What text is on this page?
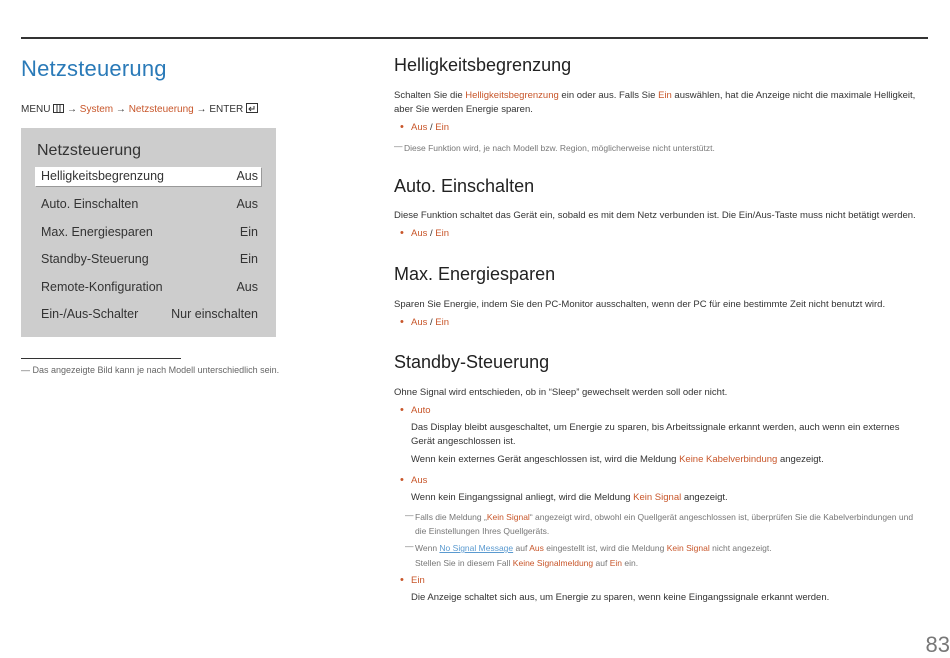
Netzsteuerung
MENU → System → Netzsteuerung → ENTER
Netzsteuerung
Helligkeitsbegrenzung	Aus
Auto. Einschalten	Aus
Max. Energiesparen	Ein
Standby-Steuerung	Ein
Remote-Konfiguration	Aus
Ein-/Aus-Schalter	Nur einschalten
― Das angezeigte Bild kann je nach Modell unterschiedlich sein.
Helligkeitsbegrenzung
Schalten Sie die Helligkeitsbegrenzung ein oder aus. Falls Sie Ein auswählen, hat die Anzeige nicht die maximale Helligkeit, aber Sie werden Energie sparen.
• Aus / Ein
― Diese Funktion wird, je nach Modell bzw. Region, möglicherweise nicht unterstützt.
Auto. Einschalten
Diese Funktion schaltet das Gerät ein, sobald es mit dem Netz verbunden ist. Die Ein/Aus-Taste muss nicht betätigt werden.
• Aus / Ein
Max. Energiesparen
Sparen Sie Energie, indem Sie den PC-Monitor ausschalten, wenn der PC für eine bestimmte Zeit nicht benutzt wird.
• Aus / Ein
Standby-Steuerung
Ohne Signal wird entschieden, ob in “Sleep” gewechselt werden soll oder nicht.
• Auto
Das Display bleibt ausgeschaltet, um Energie zu sparen, bis Arbeitssignale erkannt werden, auch wenn ein externes Gerät angeschlossen ist.
Wenn kein externes Gerät angeschlossen ist, wird die Meldung Keine Kabelverbindung angezeigt.
• Aus
Wenn kein Eingangssignal anliegt, wird die Meldung Kein Signal angezeigt.
― Falls die Meldung „Kein Signal“ angezeigt wird, obwohl ein Quellgerät angeschlossen ist, überprüfen Sie die Kabelverbindungen und die Einstellungen Ihres Quellgeräts.
― Wenn No Signal Message auf Aus eingestellt ist, wird die Meldung Kein Signal nicht angezeigt.
Stellen Sie in diesem Fall Keine Signalmeldung auf Ein ein.
• Ein
Die Anzeige schaltet sich aus, um Energie zu sparen, wenn keine Eingangssignale erkannt werden.
83
